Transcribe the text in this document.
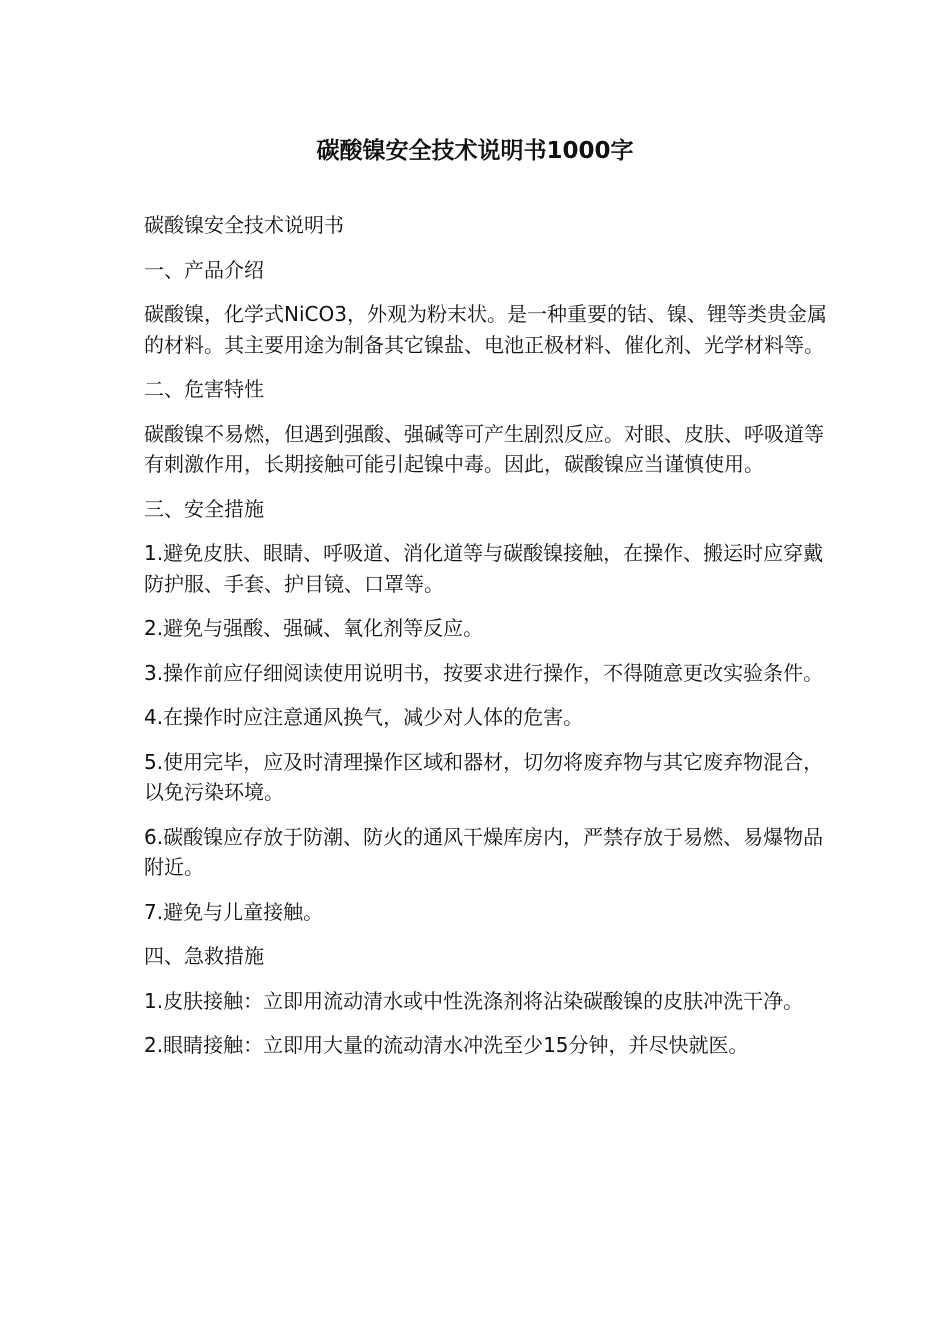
碳酸镍安全技术说明书1000字

碳酸镍安全技术说明书

一、产品介绍

碳酸镍，化学式NiCO3，外观为粉末状。是一种重要的钴、镍、锂等类贵金属的材料。其主要用途为制备其它镍盐、电池正极材料、催化剂、光学材料等。

二、危害特性

碳酸镍不易燃，但遇到强酸、强碱等可产生剧烈反应。对眼、皮肤、呼吸道等有刺激作用，长期接触可能引起镍中毒。因此，碳酸镍应当谨慎使用。

三、安全措施

1.避免皮肤、眼睛、呼吸道、消化道等与碳酸镍接触，在操作、搬运时应穿戴防护服、手套、护目镜、口罩等。

2.避免与强酸、强碱、氧化剂等反应。

3.操作前应仔细阅读使用说明书，按要求进行操作，不得随意更改实验条件。

4.在操作时应注意通风换气，减少对人体的危害。

5.使用完毕，应及时清理操作区域和器材，切勿将废弃物与其它废弃物混合，以免污染环境。

6.碳酸镍应存放于防潮、防火的通风干燥库房内，严禁存放于易燃、易爆物品附近。

7.避免与儿童接触。

四、急救措施

1.皮肤接触：立即用流动清水或中性洗涤剂将沾染碳酸镍的皮肤冲洗干净。

2.眼睛接触：立即用大量的流动清水冲洗至少15分钟，并尽快就医。
